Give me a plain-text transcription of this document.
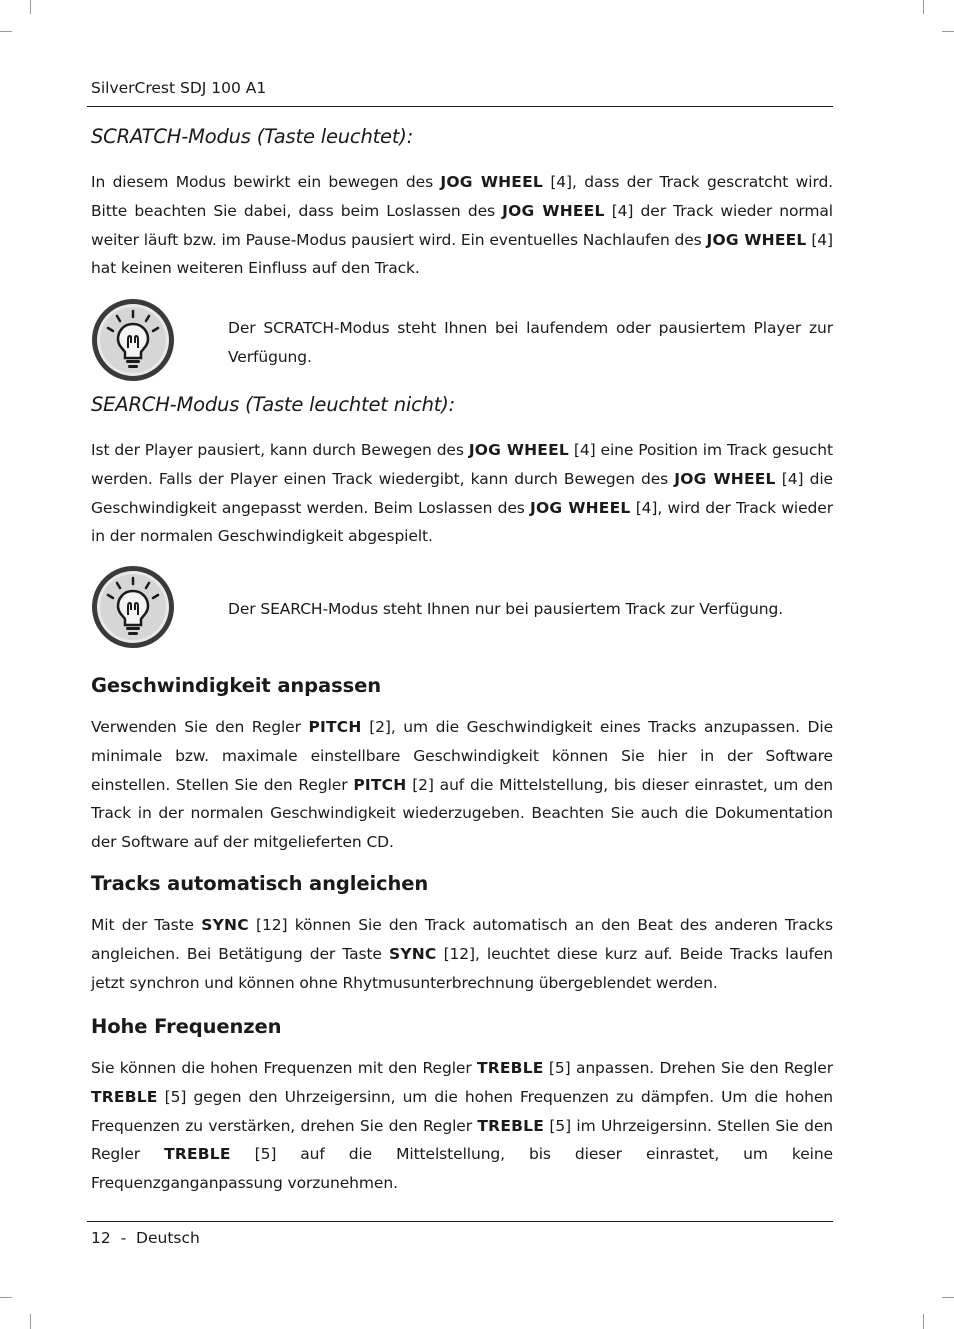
SilverCrest SDJ 100 A1
SCRATCH-Modus (Taste leuchtet):
In diesem Modus bewirkt ein bewegen des JOG WHEEL [4], dass der Track gescratcht wird. Bitte beachten Sie dabei, dass beim Loslassen des JOG WHEEL [4] der Track wieder normal weiter läuft bzw. im Pause-Modus pausiert wird. Ein eventuelles Nachlaufen des JOG WHEEL [4] hat keinen weiteren Einfluss auf den Track.
Der SCRATCH-Modus steht Ihnen bei laufendem oder pausiertem Player zur Verfügung.
SEARCH-Modus (Taste leuchtet nicht):
Ist der Player pausiert, kann durch Bewegen des JOG WHEEL [4] eine Position im Track gesucht werden. Falls der Player einen Track wiedergibt, kann durch Bewegen des JOG WHEEL [4] die Geschwindigkeit angepasst werden. Beim Loslassen des JOG WHEEL [4], wird der Track wieder in der normalen Geschwindigkeit abgespielt.
Der SEARCH-Modus steht Ihnen nur bei pausiertem Track zur Verfügung.
Geschwindigkeit anpassen
Verwenden Sie den Regler PITCH [2], um die Geschwindigkeit eines Tracks anzupassen. Die minimale bzw. maximale einstellbare Geschwindigkeit können Sie hier in der Software einstellen. Stellen Sie den Regler PITCH [2] auf die Mittelstellung, bis dieser einrastet, um den Track in der normalen Geschwindigkeit wiederzugeben. Beachten Sie auch die Dokumentation der Software auf der mitgelieferten CD.
Tracks automatisch angleichen
Mit der Taste SYNC [12] können Sie den Track automatisch an den Beat des anderen Tracks angleichen. Bei Betätigung der Taste SYNC [12], leuchtet diese kurz auf. Beide Tracks laufen jetzt synchron und können ohne Rhytmusunterbrechnung übergeblendet werden.
Hohe Frequenzen
Sie können die hohen Frequenzen mit den Regler TREBLE [5] anpassen. Drehen Sie den Regler TREBLE [5] gegen den Uhrzeigersinn, um die hohen Frequenzen zu dämpfen. Um die hohen Frequenzen zu verstärken, drehen Sie den Regler TREBLE [5] im Uhrzeigersinn. Stellen Sie den Regler TREBLE [5] auf die Mittelstellung, bis dieser einrastet, um keine Frequenzganganpassung vorzunehmen.
12 - Deutsch
